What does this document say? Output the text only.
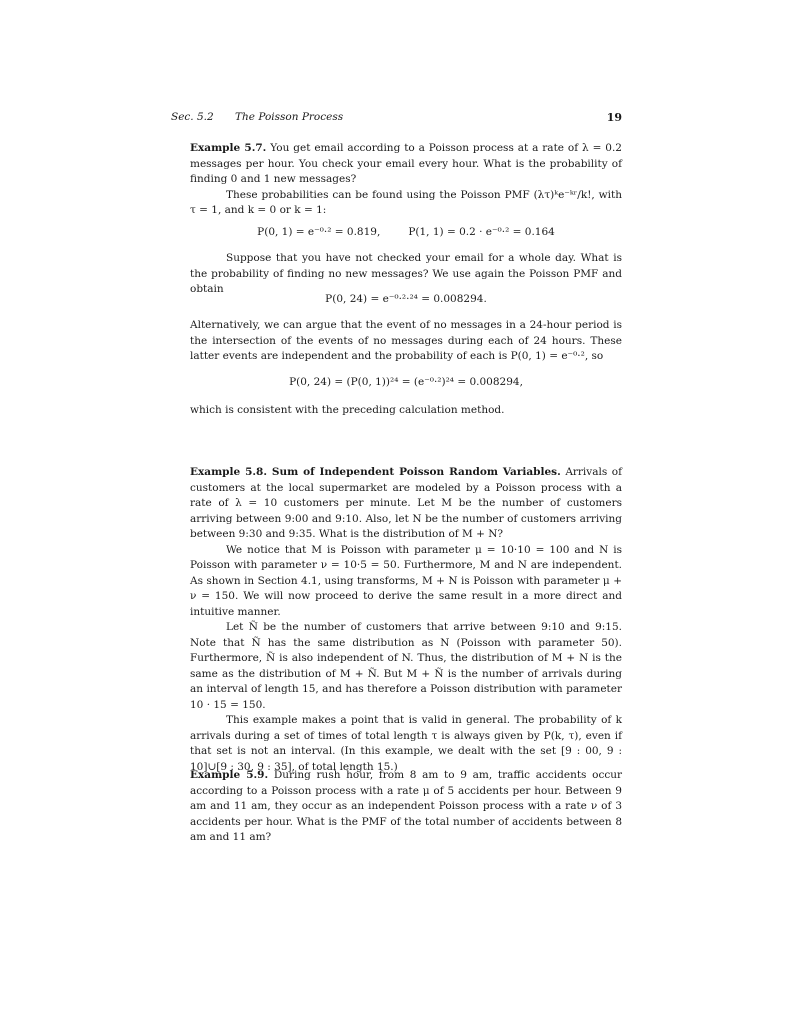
Sec. 5.2 The Poisson Process	19

Example 5.7. You get email according to a Poisson process at a rate of λ = 0.2 messages per hour. You check your email every hour. What is the probability of finding 0 and 1 new messages?

These probabilities can be found using the Poisson PMF (λτ)ᵏe⁻ᵏʳ/k!, with τ = 1, and k = 0 or k = 1:

P(0, 1) = e⁻⁰·² = 0.819,	P(1, 1) = 0.2 · e⁻⁰·² = 0.164

Suppose that you have not checked your email for a whole day. What is the probability of finding no new messages? We use again the Poisson PMF and obtain

P(0, 24) = e⁻⁰·²·²⁴ = 0.008294.

Alternatively, we can argue that the event of no messages in a 24-hour period is the intersection of the events of no messages during each of 24 hours. These latter events are independent and the probability of each is P(0, 1) = e⁻⁰·², so

P(0, 24) = (P(0, 1))²⁴ = (e⁻⁰·²)²⁴ = 0.008294,

which is consistent with the preceding calculation method.

Example 5.8. Sum of Independent Poisson Random Variables. Arrivals of customers at the local supermarket are modeled by a Poisson process with a rate of λ = 10 customers per minute. Let M be the number of customers arriving between 9:00 and 9:10. Also, let N be the number of customers arriving between 9:30 and 9:35. What is the distribution of M + N?

We notice that M is Poisson with parameter μ = 10·10 = 100 and N is Poisson with parameter ν = 10·5 = 50. Furthermore, M and N are independent. As shown in Section 4.1, using transforms, M + N is Poisson with parameter μ + ν = 150. We will now proceed to derive the same result in a more direct and intuitive manner.

Let Ñ be the number of customers that arrive between 9:10 and 9:15. Note that Ñ has the same distribution as N (Poisson with parameter 50). Furthermore, Ñ is also independent of N. Thus, the distribution of M + N is the same as the distribution of M + Ñ. But M + Ñ is the number of arrivals during an interval of length 15, and has therefore a Poisson distribution with parameter 10 · 15 = 150.

This example makes a point that is valid in general. The probability of k arrivals during a set of times of total length τ is always given by P(k, τ), even if that set is not an interval. (In this example, we dealt with the set [9 : 00, 9 : 10]∪[9 : 30, 9 : 35], of total length 15.)

Example 5.9. During rush hour, from 8 am to 9 am, traffic accidents occur according to a Poisson process with a rate μ of 5 accidents per hour. Between 9 am and 11 am, they occur as an independent Poisson process with a rate ν of 3 accidents per hour. What is the PMF of the total number of accidents between 8 am and 11 am?
